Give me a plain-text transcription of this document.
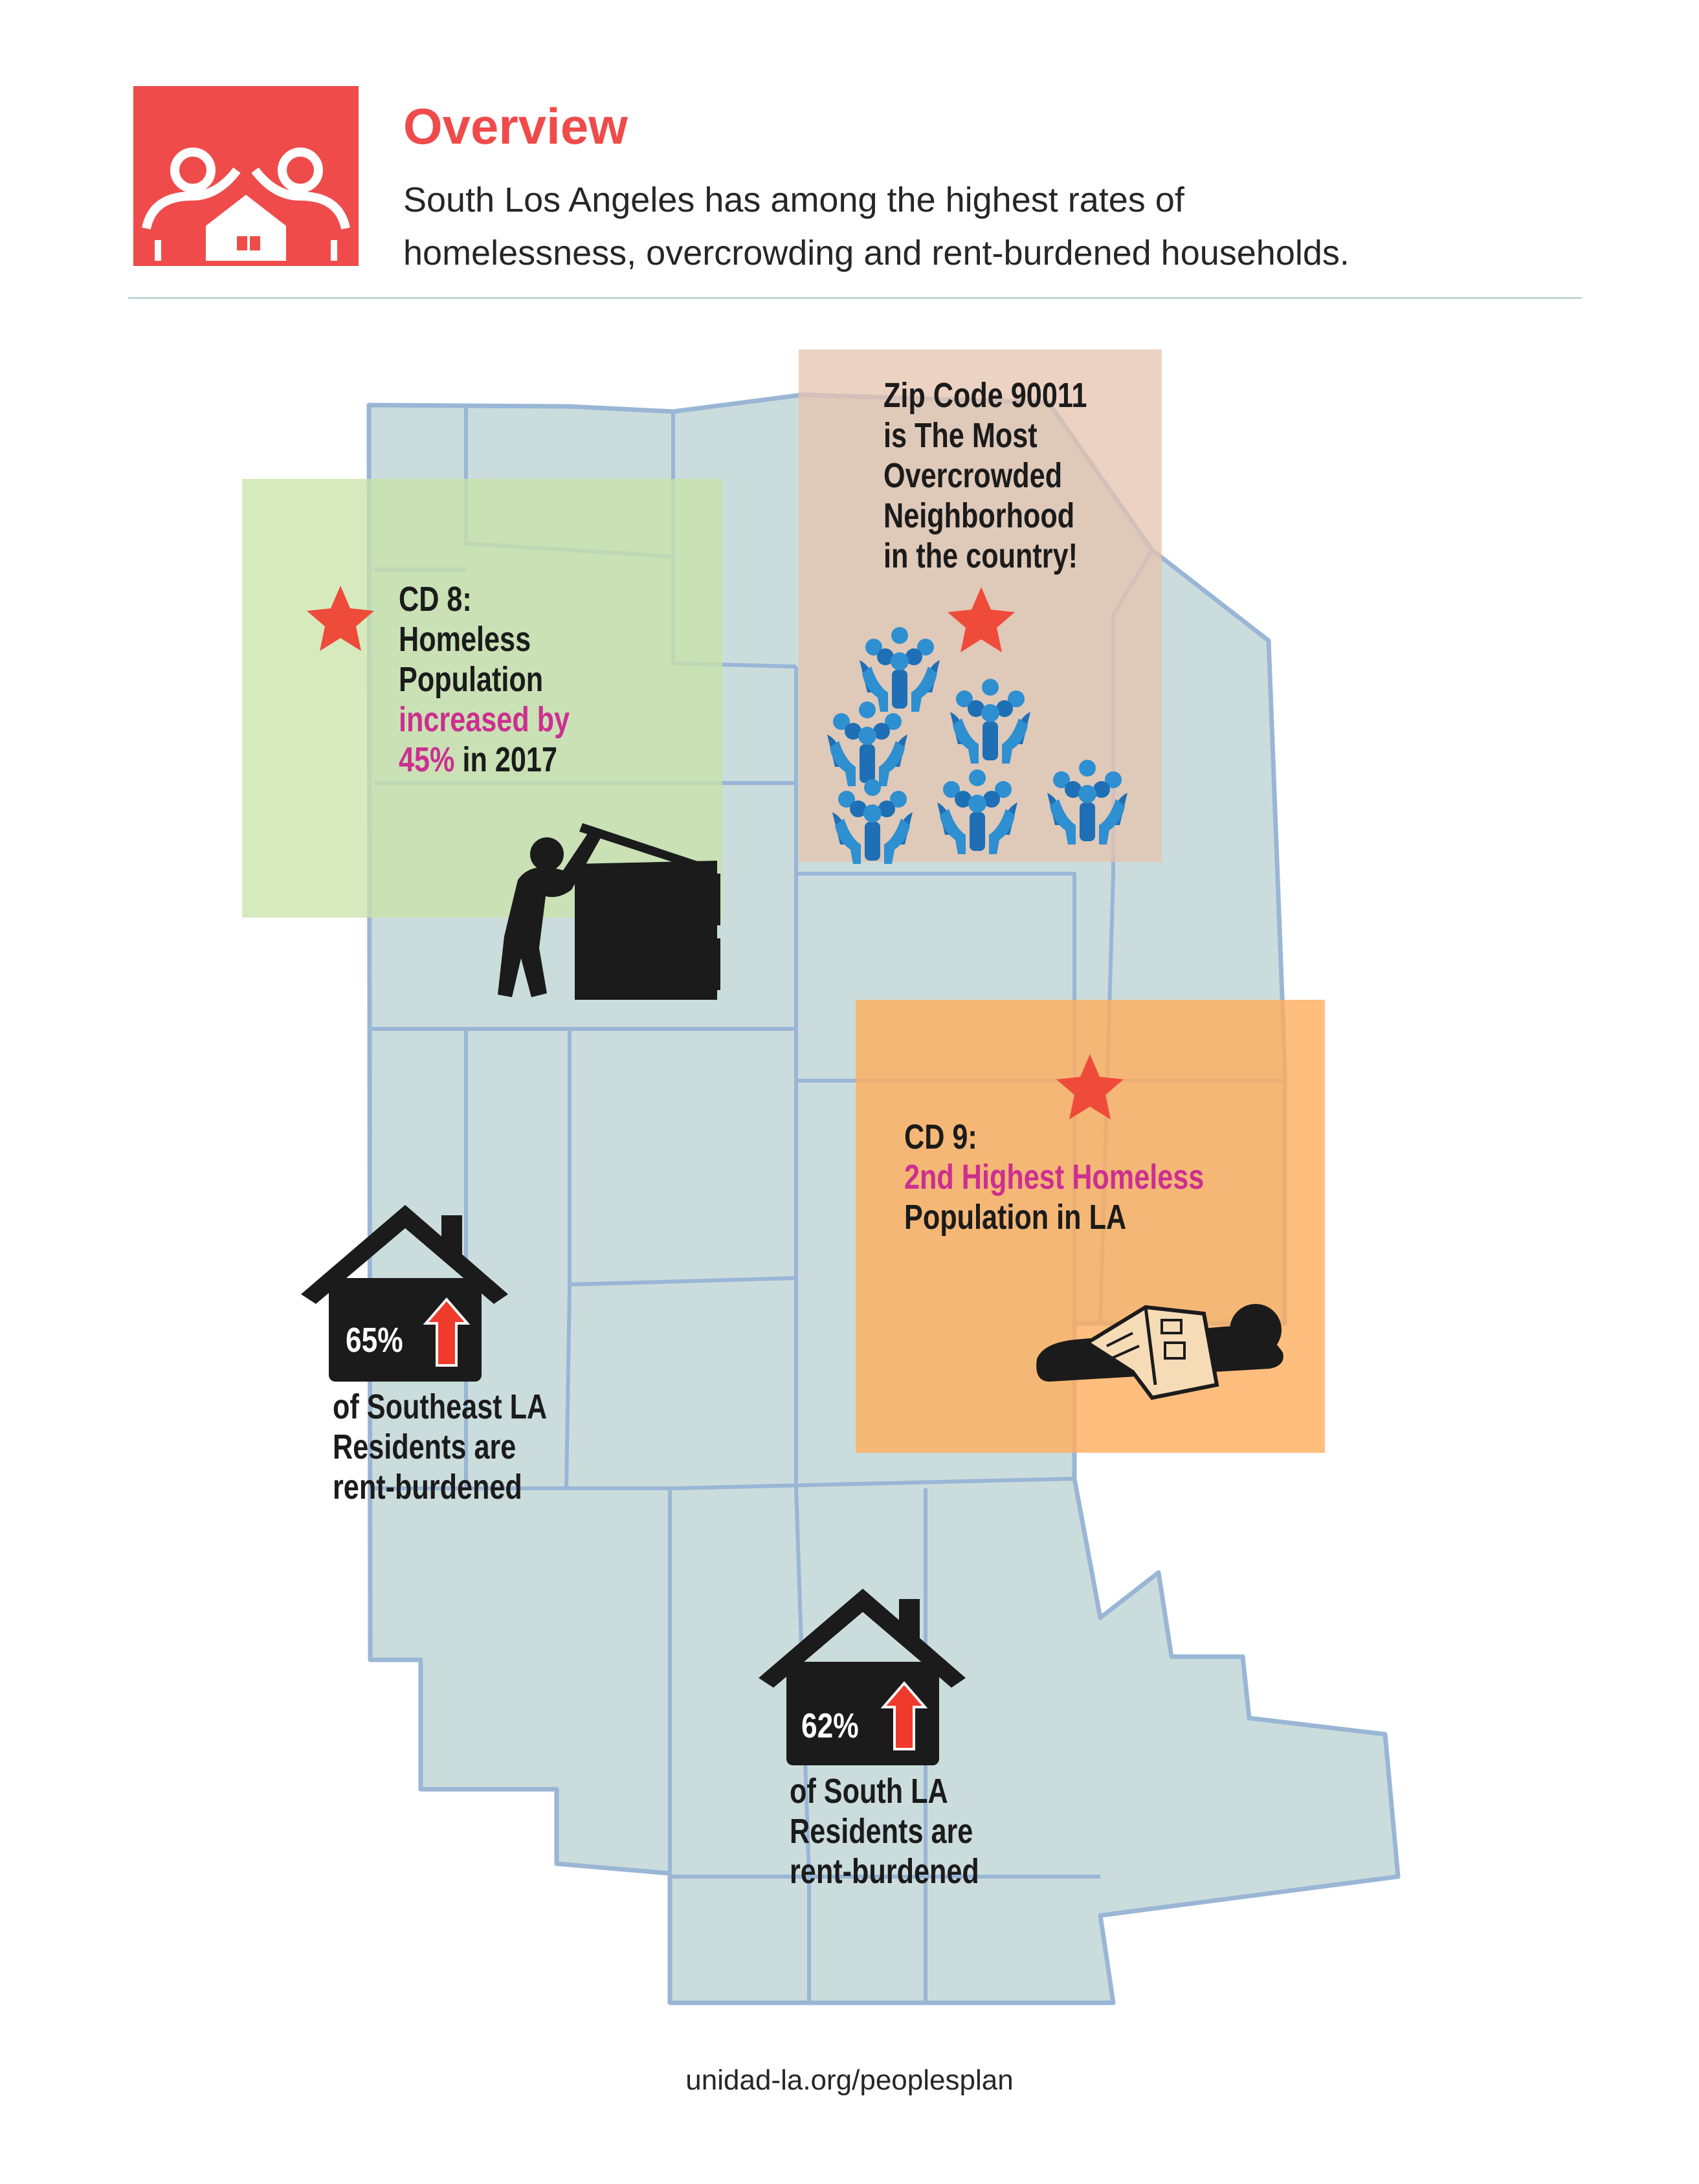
Overview
South Los Angeles has among the highest rates of
homelessness, overcrowding and rent-burdened households.
CD 8:
Homeless
Population
increased by
45% in 2017
Zip Code 90011
is The Most
Overcrowded
Neighborhood
in the country!
CD 9:
2nd Highest Homeless
Population in LA
65%
62%
of Southeast LA
Residents are
rent-burdened
of South LA
Residents are
rent-burdened
unidad-la.org/peoplesplan
